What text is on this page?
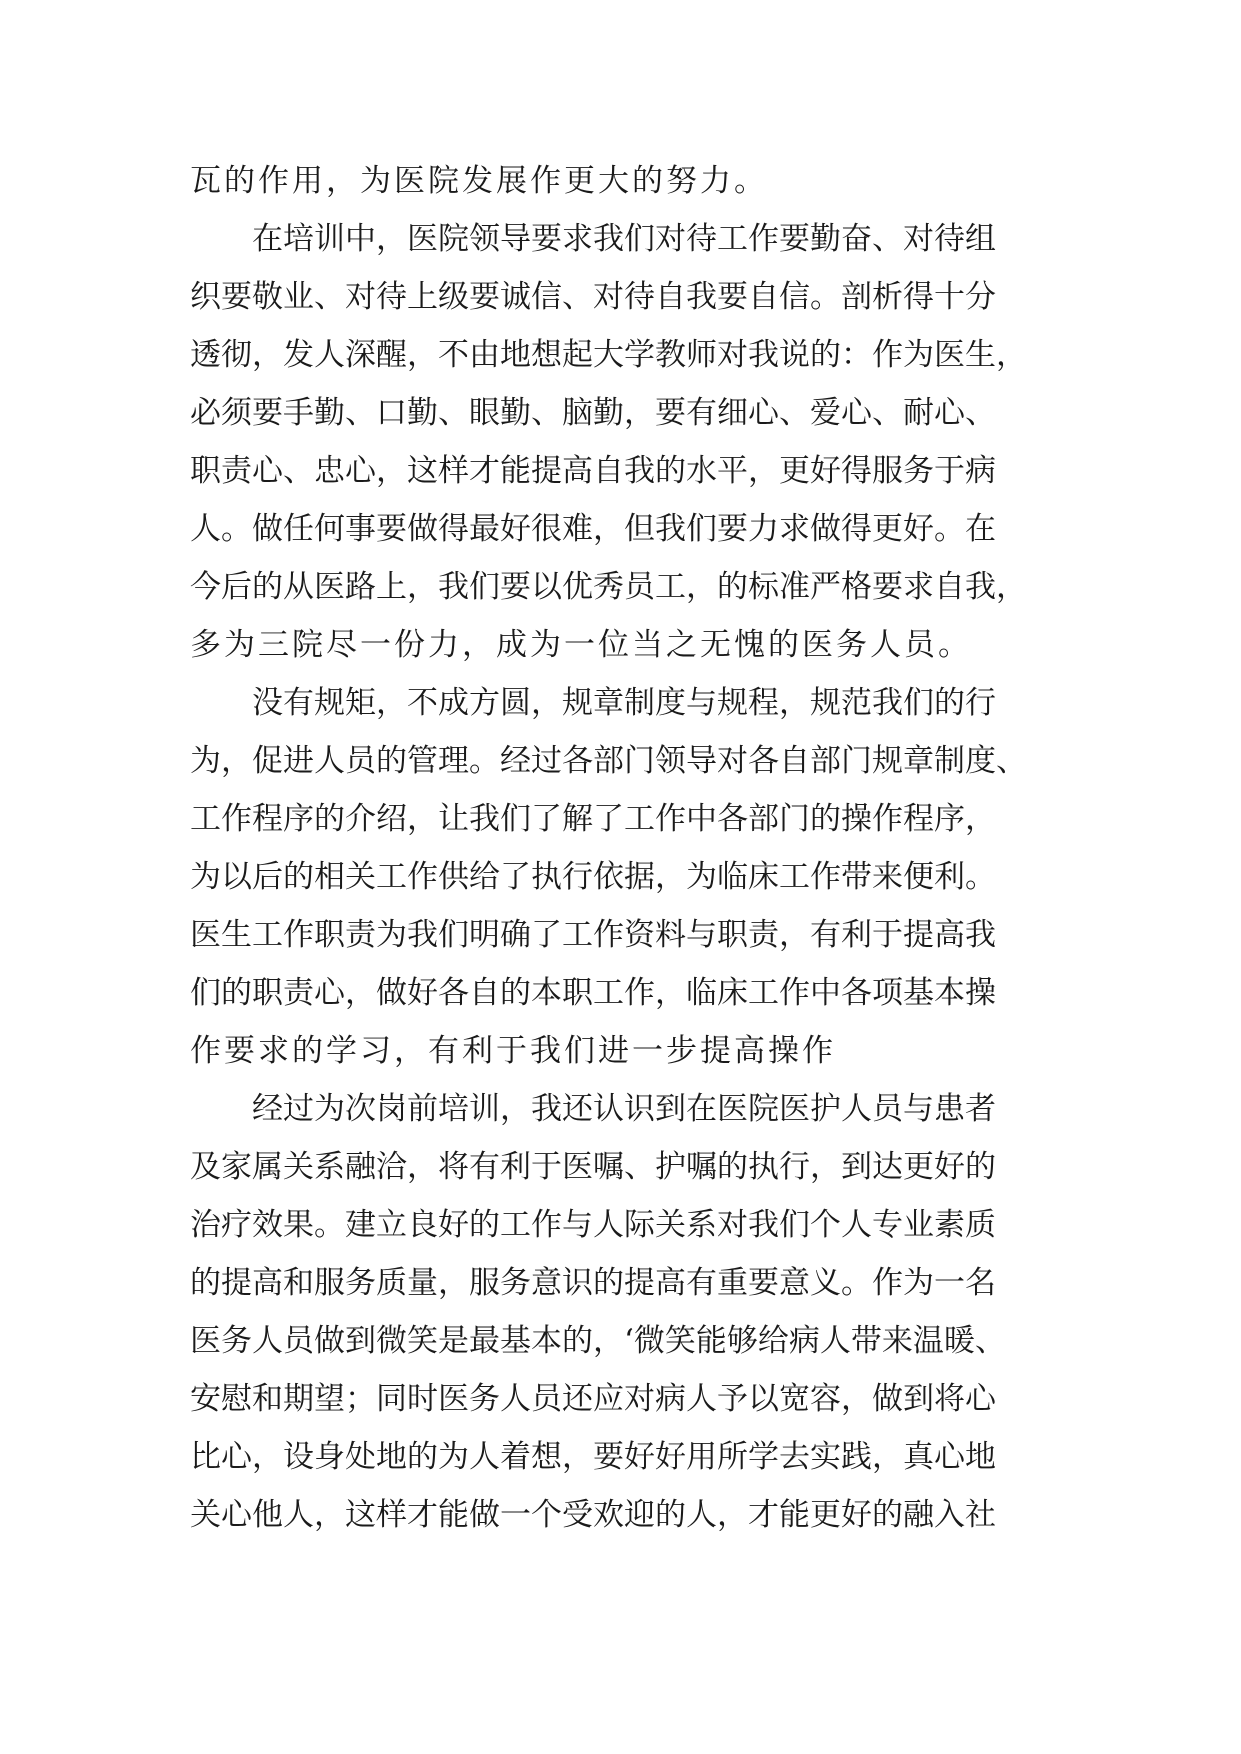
瓦的作用，为医院发展作更大的努力。
在培训中，医院领导要求我们对待工作要勤奋、对待组
织要敬业、对待上级要诚信、对待自我要自信。剖析得十分
透彻，发人深醒，不由地想起大学教师对我说的：作为医生，
必须要手勤、口勤、眼勤、脑勤，要有细心、爱心、耐心、
职责心、忠心，这样才能提高自我的水平，更好得服务于病
人。做任何事要做得最好很难，但我们要力求做得更好。在
今后的从医路上，我们要以优秀员工，的标准严格要求自我，
多为三院尽一份力，成为一位当之无愧的医务人员。
没有规矩，不成方圆，规章制度与规程，规范我们的行
为，促进人员的管理。经过各部门领导对各自部门规章制度、
工作程序的介绍，让我们了解了工作中各部门的操作程序，
为以后的相关工作供给了执行依据，为临床工作带来便利。
医生工作职责为我们明确了工作资料与职责，有利于提高我
们的职责心，做好各自的本职工作，临床工作中各项基本操
作要求的学习，有利于我们进一步提高操作
经过为次岗前培训，我还认识到在医院医护人员与患者
及家属关系融洽，将有利于医嘱、护嘱的执行，到达更好的
治疗效果。建立良好的工作与人际关系对我们个人专业素质
的提高和服务质量，服务意识的提高有重要意义。作为一名
医务人员做到微笑是最基本的，‘微笑能够给病人带来温暖、
安慰和期望；同时医务人员还应对病人予以宽容，做到将心
比心，设身处地的为人着想，要好好用所学去实践，真心地
关心他人，这样才能做一个受欢迎的人，才能更好的融入社
